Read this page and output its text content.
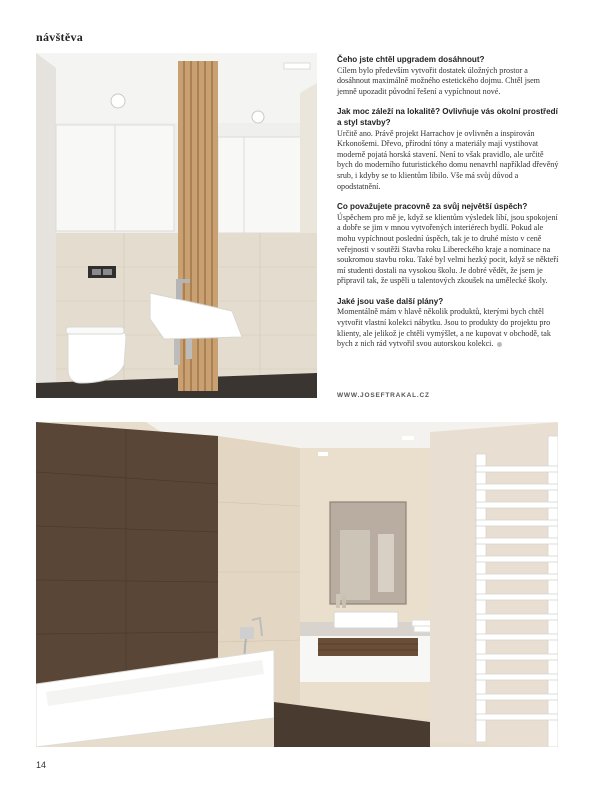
návštěva
Čeho jste chtěl upgradem dosáhnout?
Cílem bylo především vytvořit dostatek úložných prostor a dosáhnout maximálně možného estetického dojmu. Chtěl jsem jemně upozadit původní řešení a vypíchnout nové.
Jak moc záleží na lokalitě? Ovlivňuje vás okolní prostředí a styl stavby?
Určitě ano. Právě projekt Harrachov je ovlivněn a inspirován Krkonošemi. Dřevo, přírodní tóny a materiály mají vystihovat moderně pojatá horská stavení. Není to však pravidlo, ale určitě bych do moderního futuristického domu nenavrhl například dřevěný srub, i kdyby se to klientům líbilo. Vše má svůj důvod a opodstatnění.
Co považujete pracovně za svůj největší úspěch?
Úspěchem pro mě je, když se klientům výsledek líbí, jsou spokojení a dobře se jim v mnou vytvořených interiérech bydlí. Pokud ale mohu vypíchnout poslední úspěch, tak je to druhé místo v ceně veřejnosti v soutěži Stavba roku Libereckého kraje a nominace na soukromou stavbu roku. Také byl velmi hezký pocit, když se někteří mí studenti dostali na vysokou školu. Je dobré vědět, že jsem je připravil tak, že uspěli u talentových zkoušek na umělecké školy.
Jaké jsou vaše další plány?
Momentálně mám v hlavě několik produktů, kterými bych chtěl vytvořit vlastní kolekci nábytku. Jsou to produkty do projektu pro klienty, ale jelikož je chtěli vymýšlet, a ne kupovat v obchodě, tak bych z nich rád vytvořil svou autorskou kolekci.
WWW.JOSEFTRAKAL.CZ
14
